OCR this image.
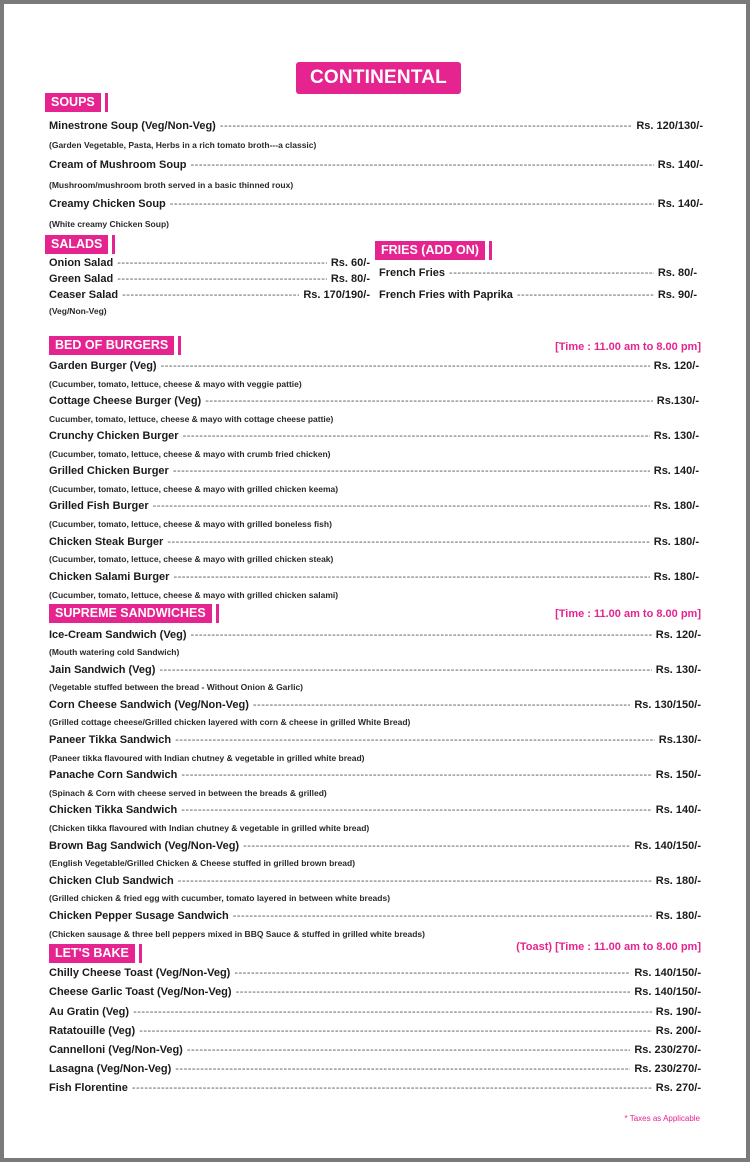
CONTINENTAL
SOUPS
Minestrone Soup (Veg/Non-Veg) -----	Rs. 120/130/-
(Garden Vegetable, Pasta, Herbs in a rich tomato broth---a classic)
Cream of Mushroom Soup -----	Rs. 140/-
(Mushroom/mushroom broth served in a basic thinned roux)
Creamy Chicken Soup -----	Rs. 140/-
(White creamy Chicken Soup)
SALADS
Onion Salad -----	Rs. 60/-
Green Salad -----	Rs. 80/-
Ceaser Salad -----	Rs. 170/190/-
(Veg/Non-Veg)
FRIES (ADD ON)
French Fries -----	Rs. 80/-
French Fries with Paprika -----	Rs. 90/-
BED OF BURGERS	[Time : 11.00 am to 8.00 pm]
Garden Burger (Veg) -----	Rs. 120/-
(Cucumber, tomato, lettuce, cheese & mayo with veggie pattie)
Cottage Cheese Burger (Veg) -----	Rs.130/-
Cucumber, tomato, lettuce, cheese & mayo with cottage cheese pattie)
Crunchy Chicken Burger -----	Rs. 130/-
(Cucumber, tomato, lettuce, cheese & mayo with crumb fried chicken)
Grilled Chicken Burger -----	Rs. 140/-
(Cucumber, tomato, lettuce, cheese & mayo with grilled chicken keema)
Grilled Fish Burger -----	Rs. 180/-
(Cucumber, tomato, lettuce, cheese & mayo with grilled boneless fish)
Chicken Steak Burger -----	Rs. 180/-
(Cucumber, tomato, lettuce, cheese & mayo with grilled chicken steak)
Chicken Salami Burger -----	Rs. 180/-
(Cucumber, tomato, lettuce, cheese & mayo with grilled chicken salami)
SUPREME SANDWICHES	[Time : 11.00 am to 8.00 pm]
Ice-Cream Sandwich (Veg) -----	Rs. 120/-
(Mouth watering cold Sandwich)
Jain Sandwich (Veg) -----	Rs. 130/-
(Vegetable stuffed between the bread - Without Onion & Garlic)
Corn Cheese Sandwich (Veg/Non-Veg) -----	Rs. 130/150/-
(Grilled cottage cheese/Grilled chicken layered with corn & cheese in grilled White Bread)
Paneer Tikka Sandwich -----	Rs.130/-
(Paneer tikka flavoured with Indian chutney & vegetable in grilled white bread)
Panache Corn Sandwich -----	Rs. 150/-
(Spinach & Corn with cheese served in between the breads & grilled)
Chicken Tikka Sandwich -----	Rs. 140/-
(Chicken tikka flavoured with Indian chutney & vegetable in grilled white bread)
Brown Bag Sandwich (Veg/Non-Veg) -----	Rs. 140/150/-
(English Vegetable/Grilled Chicken & Cheese stuffed in grilled brown bread)
Chicken Club Sandwich -----	Rs. 180/-
(Grilled chicken & fried egg with cucumber, tomato layered in between white breads)
Chicken Pepper Susage Sandwich -----	Rs. 180/-
(Chicken sausage & three bell peppers mixed in BBQ Sauce & stuffed in grilled white breads)
LET'S BAKE	(Toast) [Time : 11.00 am to 8.00 pm]
Chilly Cheese Toast (Veg/Non-Veg) -----	Rs. 140/150/-
Cheese Garlic Toast (Veg/Non-Veg) -----	Rs. 140/150/-
Au Gratin (Veg) -----	Rs. 190/-
Ratatouille (Veg) -----	Rs. 200/-
Cannelloni (Veg/Non-Veg) -----	Rs. 230/270/-
Lasagna (Veg/Non-Veg) -----	Rs. 230/270/-
Fish Florentine -----	Rs. 270/-
* Taxes as Applicable
